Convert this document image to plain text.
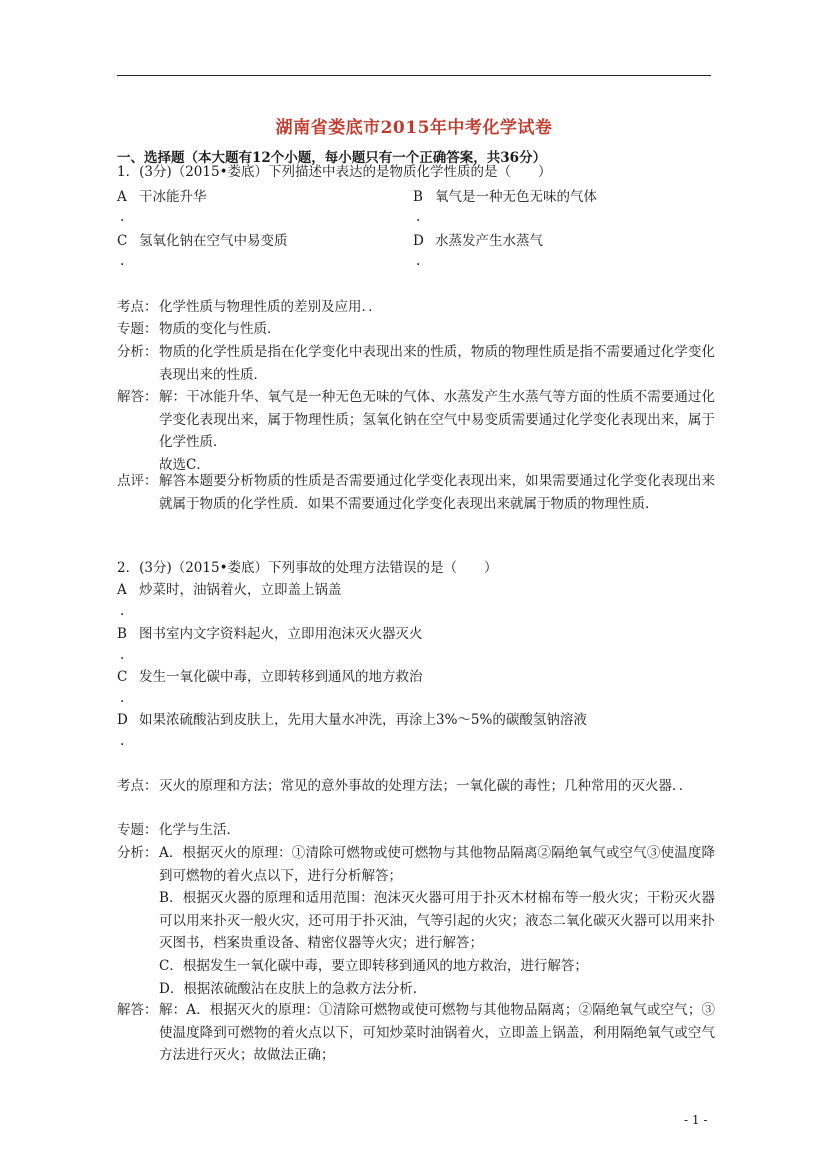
湖南省娄底市2015年中考化学试卷
一、选择题（本大题有12个小题，每小题只有一个正确答案，共36分）
1．(3分)（2015•娄底）下列描述中表达的是物质化学性质的是（　　）
A 干冰能升华	B 氧气是一种无色无味的气体
.	.
C 氢氧化钠在空气中易变质	D 水蒸发产生水蒸气
.	.
考点： 化学性质与物理性质的差别及应用．．
专题： 物质的变化与性质．
分析： 物质的化学性质是指在化学变化中表现出来的性质，物质的物理性质是指不需要通过化学变化表现出来的性质．
解答： 解：干冰能升华、氧气是一种无色无味的气体、水蒸发产生水蒸气等方面的性质不需要通过化学变化表现出来，属于物理性质；氢氧化钠在空气中易变质需要通过化学变化表现出来，属于化学性质．

故选C．

点评： 解答本题要分析物质的性质是否需要通过化学变化表现出来，如果需要通过化学变化表现出来就属于物质的化学性质．如果不需要通过化学变化表现出来就属于物质的物理性质．
2．(3分)（2015•娄底）下列事故的处理方法错误的是（　　）
A 炒菜时，油锅着火，立即盖上锅盖
.
B 图书室内文字资料起火，立即用泡沫灭火器灭火
.
C 发生一氧化碳中毒，立即转移到通风的地方救治
.
D 如果浓硫酸沾到皮肤上，先用大量水冲洗，再涂上3%～5%的碳酸氢钠溶液
.
考点： 灭火的原理和方法；常见的意外事故的处理方法；一氧化碳的毒性；几种常用的灭火器．．
专题： 化学与生活．
分析： A．根据灭火的原理：①清除可燃物或使可燃物与其他物品隔离②隔绝氧气或空气③使温度降到可燃物的着火点以下，进行分析解答；

B．根据灭火器的原理和适用范围：泡沫灭火器可用于扑灭木材棉布等一般火灾；干粉灭火器可以用来扑灭一般火灾，还可用于扑灭油，气等引起的火灾；液态二氧化碳灭火器可以用来扑灭图书，档案贵重设备、精密仪器等火灾；进行解答；

C．根据发生一氧化碳中毒，要立即转移到通风的地方救治，进行解答；

D．根据浓硫酸沾在皮肤上的急救方法分析．

解答： 解：A．根据灭火的原理：①清除可燃物或使可燃物与其他物品隔离；②隔绝氧气或空气；③使温度降到可燃物的着火点以下，可知炒菜时油锅着火，立即盖上锅盖，利用隔绝氧气或空气方法进行灭火；故做法正确；
- 1 -
